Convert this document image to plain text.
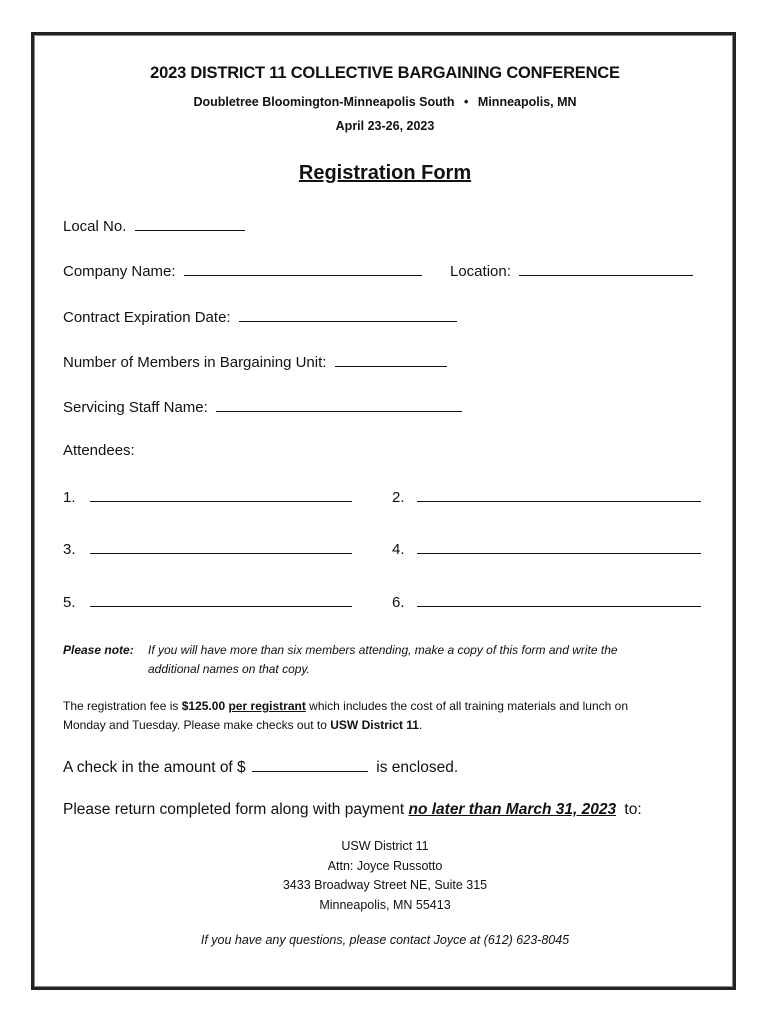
2023 DISTRICT 11 COLLECTIVE BARGAINING CONFERENCE
Doubletree Bloomington-Minneapolis South • Minneapolis, MN
April 23-26, 2023
Registration Form
Local No.
Company Name:	Location:
Contract Expiration Date:
Number of Members in Bargaining Unit:
Servicing Staff Name:
Attendees:
1.	2.
3.	4.
5.	6.
Please note: If you will have more than six members attending, make a copy of this form and write the
additional names on that copy.
The registration fee is $125.00 per registrant which includes the cost of all training materials and lunch on
Monday and Tuesday. Please make checks out to USW District 11.
A check in the amount of $	is enclosed.
Please return completed form along with payment no later than March 31, 2023 to:
USW District 11
Attn: Joyce Russotto
3433 Broadway Street NE, Suite 315
Minneapolis, MN 55413
If you have any questions, please contact Joyce at (612) 623-8045
